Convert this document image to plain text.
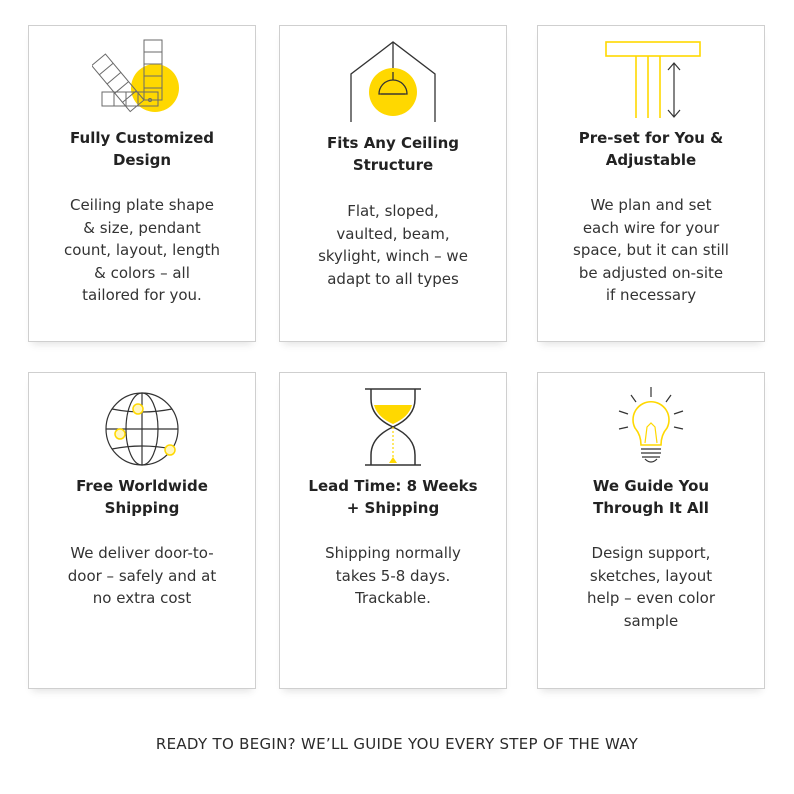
Fully Customized
Design
Ceiling plate shape
& size, pendant
count, layout, length
& colors – all
tailored for you.
Fits Any Ceiling
Structure
Flat, sloped,
vaulted, beam,
skylight, winch – we
adapt to all types
Pre-set for You &
Adjustable
We plan and set
each wire for your
space, but it can still
be adjusted on-site
if necessary
Free Worldwide
Shipping
We deliver door-to-
door – safely and at
no extra cost
Lead Time: 8 Weeks
+ Shipping
Shipping normally
takes 5-8 days.
Trackable.
We Guide You
Through It All
Design support,
sketches, layout
help – even color
sample
READY TO BEGIN? WE’LL GUIDE YOU EVERY STEP OF THE WAY
